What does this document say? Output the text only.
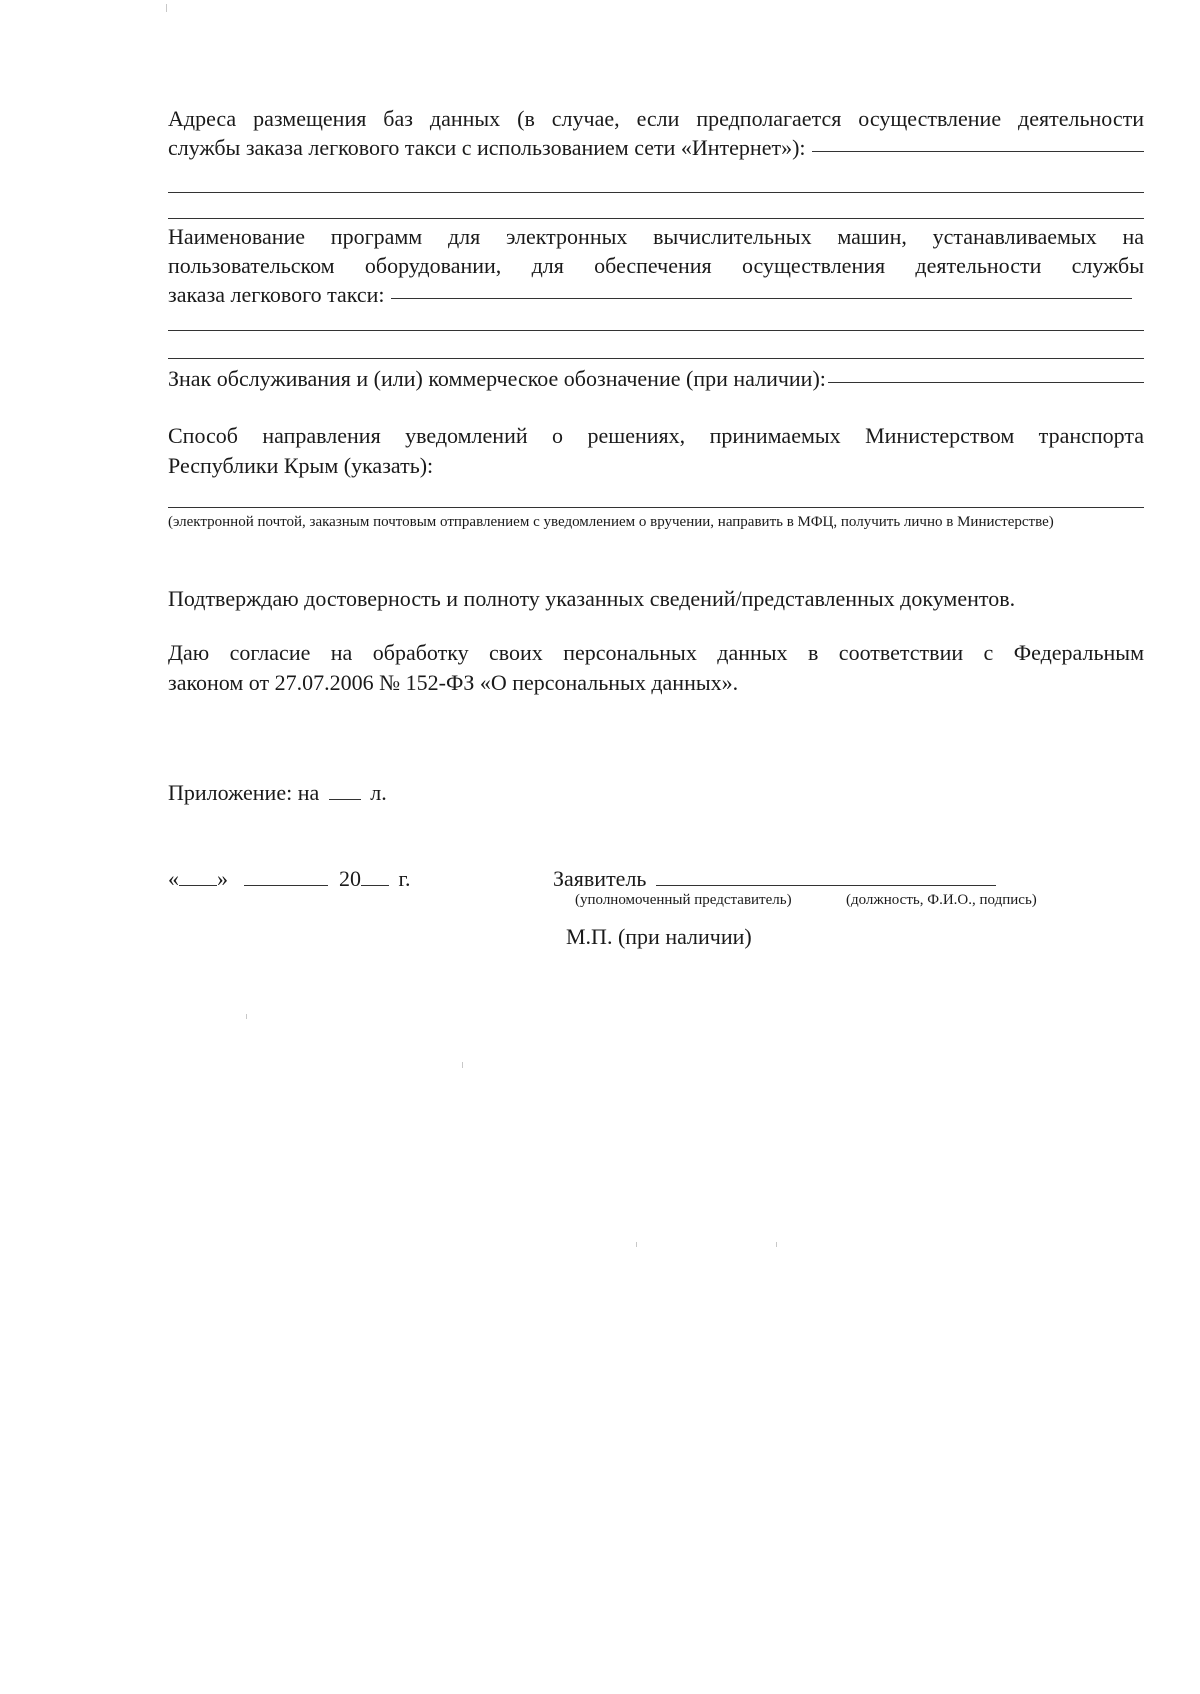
Адреса размещения баз данных (в случае, если предполагается осуществление деятельности

службы заказа легкового такси с использованием сети «Интернет»):

Наименование программ для электронных вычислительных машин, устанавливаемых на

пользовательском оборудовании, для обеспечения осуществления деятельности службы

заказа легкового такси:
Знак обслуживания и (или) коммерческое обозначение (при наличии):

Способ направления уведомлений о решениях, принимаемых Министерством транспорта

Республики Крым (указать):

(электронной почтой, заказным почтовым отправлением с уведомлением о вручении, направить в МФЦ, получить лично в Министерстве)

Подтверждаю достоверность и полноту указанных сведений/представленных документов.

Даю согласие на обработку своих персональных данных в соответствии с Федеральным

законом от 27.07.2006 № 152-ФЗ «О персональных данных».

Приложение: на л.
« »	20 г.	Заявитель

(уполномоченный представитель)	(должность, Ф.И.О., подпись)

М.П. (при наличии)
